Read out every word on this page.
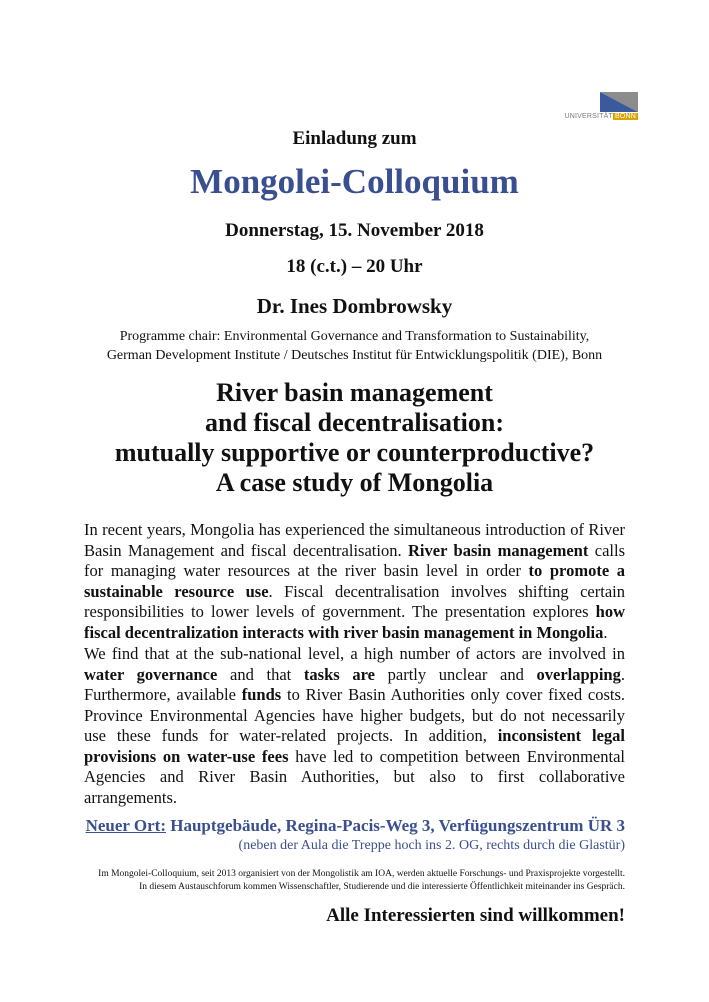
UNIVERSITÄT BONN
Einladung zum
Mongolei-Colloquium
Donnerstag, 15. November 2018
18 (c.t.) – 20 Uhr
Dr. Ines Dombrowsky
Programme chair: Environmental Governance and Transformation to Sustainability,
German Development Institute / Deutsches Institut für Entwicklungspolitik (DIE), Bonn
River basin management
and fiscal decentralisation:
mutually supportive or counterproductive?
A case study of Mongolia
In recent years, Mongolia has experienced the simultaneous introduction of River Basin Management and fiscal decentralisation. River basin management calls for managing water resources at the river basin level in order to promote a sustainable resource use. Fiscal decentralisation involves shifting certain responsibilities to lower levels of government. The presentation explores how fiscal decentralization interacts with river basin management in Mongolia.
We find that at the sub-national level, a high number of actors are involved in water governance and that tasks are partly unclear and overlapping. Furthermore, available funds to River Basin Authorities only cover fixed costs. Province Environmental Agencies have higher budgets, but do not necessarily use these funds for water-related projects. In addition, inconsistent legal provisions on water-use fees have led to competition between Environmental Agencies and River Basin Authorities, but also to first collaborative arrangements.
Neuer Ort: Hauptgebäude, Regina-Pacis-Weg 3, Verfügungszentrum ÜR 3
(neben der Aula die Treppe hoch ins 2. OG, rechts durch die Glastür)
Im Mongolei-Colloquium, seit 2013 organisiert von der Mongolistik am IOA, werden aktuelle Forschungs- und Praxisprojekte vorgestellt.
In diesem Austauschforum kommen Wissenschaftler, Studierende und die interessierte Öffentlichkeit miteinander ins Gespräch.
Alle Interessierten sind willkommen!
